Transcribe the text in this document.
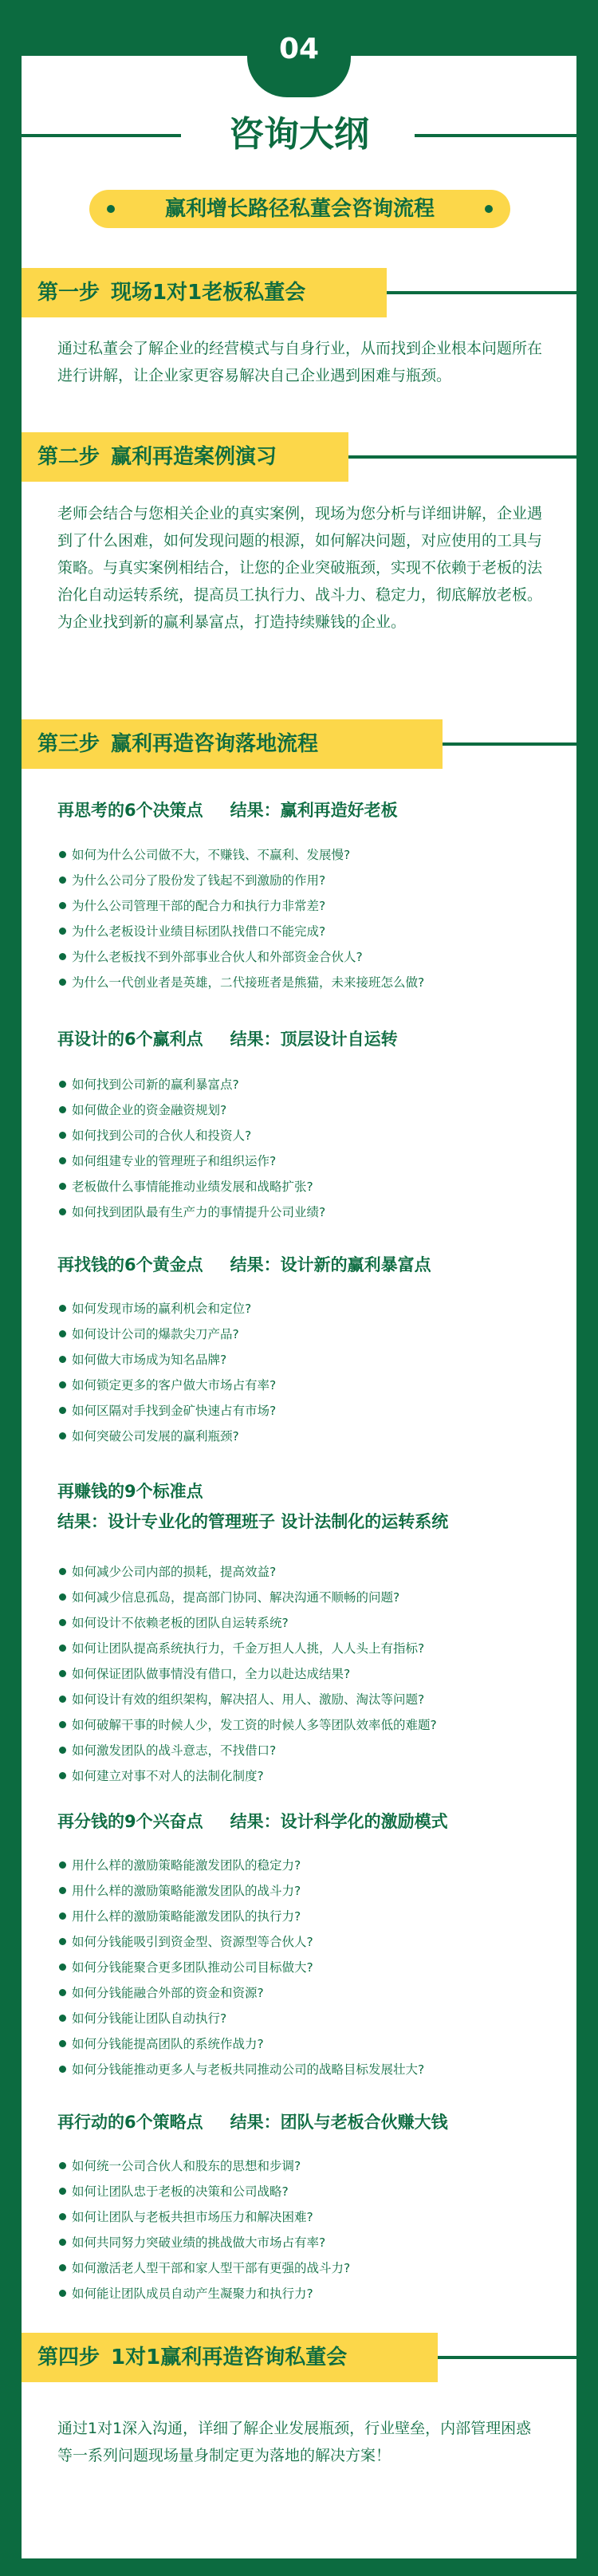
04
咨询大纲
赢利增长路径私董会咨询流程
第一步 现场1对1老板私董会
通过私董会了解企业的经营模式与自身行业，从而找到企业根本问题所在进行讲解，让企业家更容易解决自己企业遇到困难与瓶颈。
第二步 赢利再造案例演习
老师会结合与您相关企业的真实案例，现场为您分析与详细讲解，企业遇到了什么困难，如何发现问题的根源，如何解决问题，对应使用的工具与策略。与真实案例相结合，让您的企业突破瓶颈，实现不依赖于老板的法治化自动运转系统，提高员工执行力、战斗力、稳定力，彻底解放老板。为企业找到新的赢利暴富点，打造持续赚钱的企业。
第三步 赢利再造咨询落地流程
再思考的6个决策点 结果：赢利再造好老板
如何为什么公司做不大，不赚钱、不赢利、发展慢?
为什么公司分了股份发了钱起不到激励的作用?
为什么公司管理干部的配合力和执行力非常差?
为什么老板设计业绩目标团队找借口不能完成?
为什么老板找不到外部事业合伙人和外部资金合伙人?
为什么一代创业者是英雄，二代接班者是熊猫，未来接班怎么做?
再设计的6个赢利点 结果：顶层设计自运转
如何找到公司新的赢利暴富点?
如何做企业的资金融资规划?
如何找到公司的合伙人和投资人?
如何组建专业的管理班子和组织运作?
老板做什么事情能推动业绩发展和战略扩张?
如何找到团队最有生产力的事情提升公司业绩?
再找钱的6个黄金点 结果：设计新的赢利暴富点
如何发现市场的赢利机会和定位?
如何设计公司的爆款尖刀产品?
如何做大市场成为知名品牌?
如何锁定更多的客户做大市场占有率?
如何区隔对手找到金矿快速占有市场?
如何突破公司发展的赢利瓶颈?
再赚钱的9个标准点
结果：设计专业化的管理班子 设计法制化的运转系统
如何减少公司内部的损耗，提高效益?
如何减少信息孤岛，提高部门协同、解决沟通不顺畅的问题?
如何设计不依赖老板的团队自运转系统?
如何让团队提高系统执行力，千金万担人人挑，人人头上有指标?
如何保证团队做事情没有借口，全力以赴达成结果?
如何设计有效的组织架构，解决招人、用人、激励、淘汰等问题?
如何破解干事的时候人少，发工资的时候人多等团队效率低的难题?
如何激发团队的战斗意志，不找借口?
如何建立对事不对人的法制化制度?
再分钱的9个兴奋点 结果：设计科学化的激励模式
用什么样的激励策略能激发团队的稳定力?
用什么样的激励策略能激发团队的战斗力?
用什么样的激励策略能激发团队的执行力?
如何分钱能吸引到资金型、资源型等合伙人?
如何分钱能聚合更多团队推动公司目标做大?
如何分钱能融合外部的资金和资源?
如何分钱能让团队自动执行?
如何分钱能提高团队的系统作战力?
如何分钱能推动更多人与老板共同推动公司的战略目标发展壮大?
再行动的6个策略点 结果：团队与老板合伙赚大钱
如何统一公司合伙人和股东的思想和步调?
如何让团队忠于老板的决策和公司战略?
如何让团队与老板共担市场压力和解决困难?
如何共同努力突破业绩的挑战做大市场占有率?
如何激活老人型干部和家人型干部有更强的战斗力?
如何能让团队成员自动产生凝聚力和执行力?
第四步 1对1赢利再造咨询私董会
通过1对1深入沟通，详细了解企业发展瓶颈，行业壁垒，内部管理困惑等一系列问题现场量身制定更为落地的解决方案！
